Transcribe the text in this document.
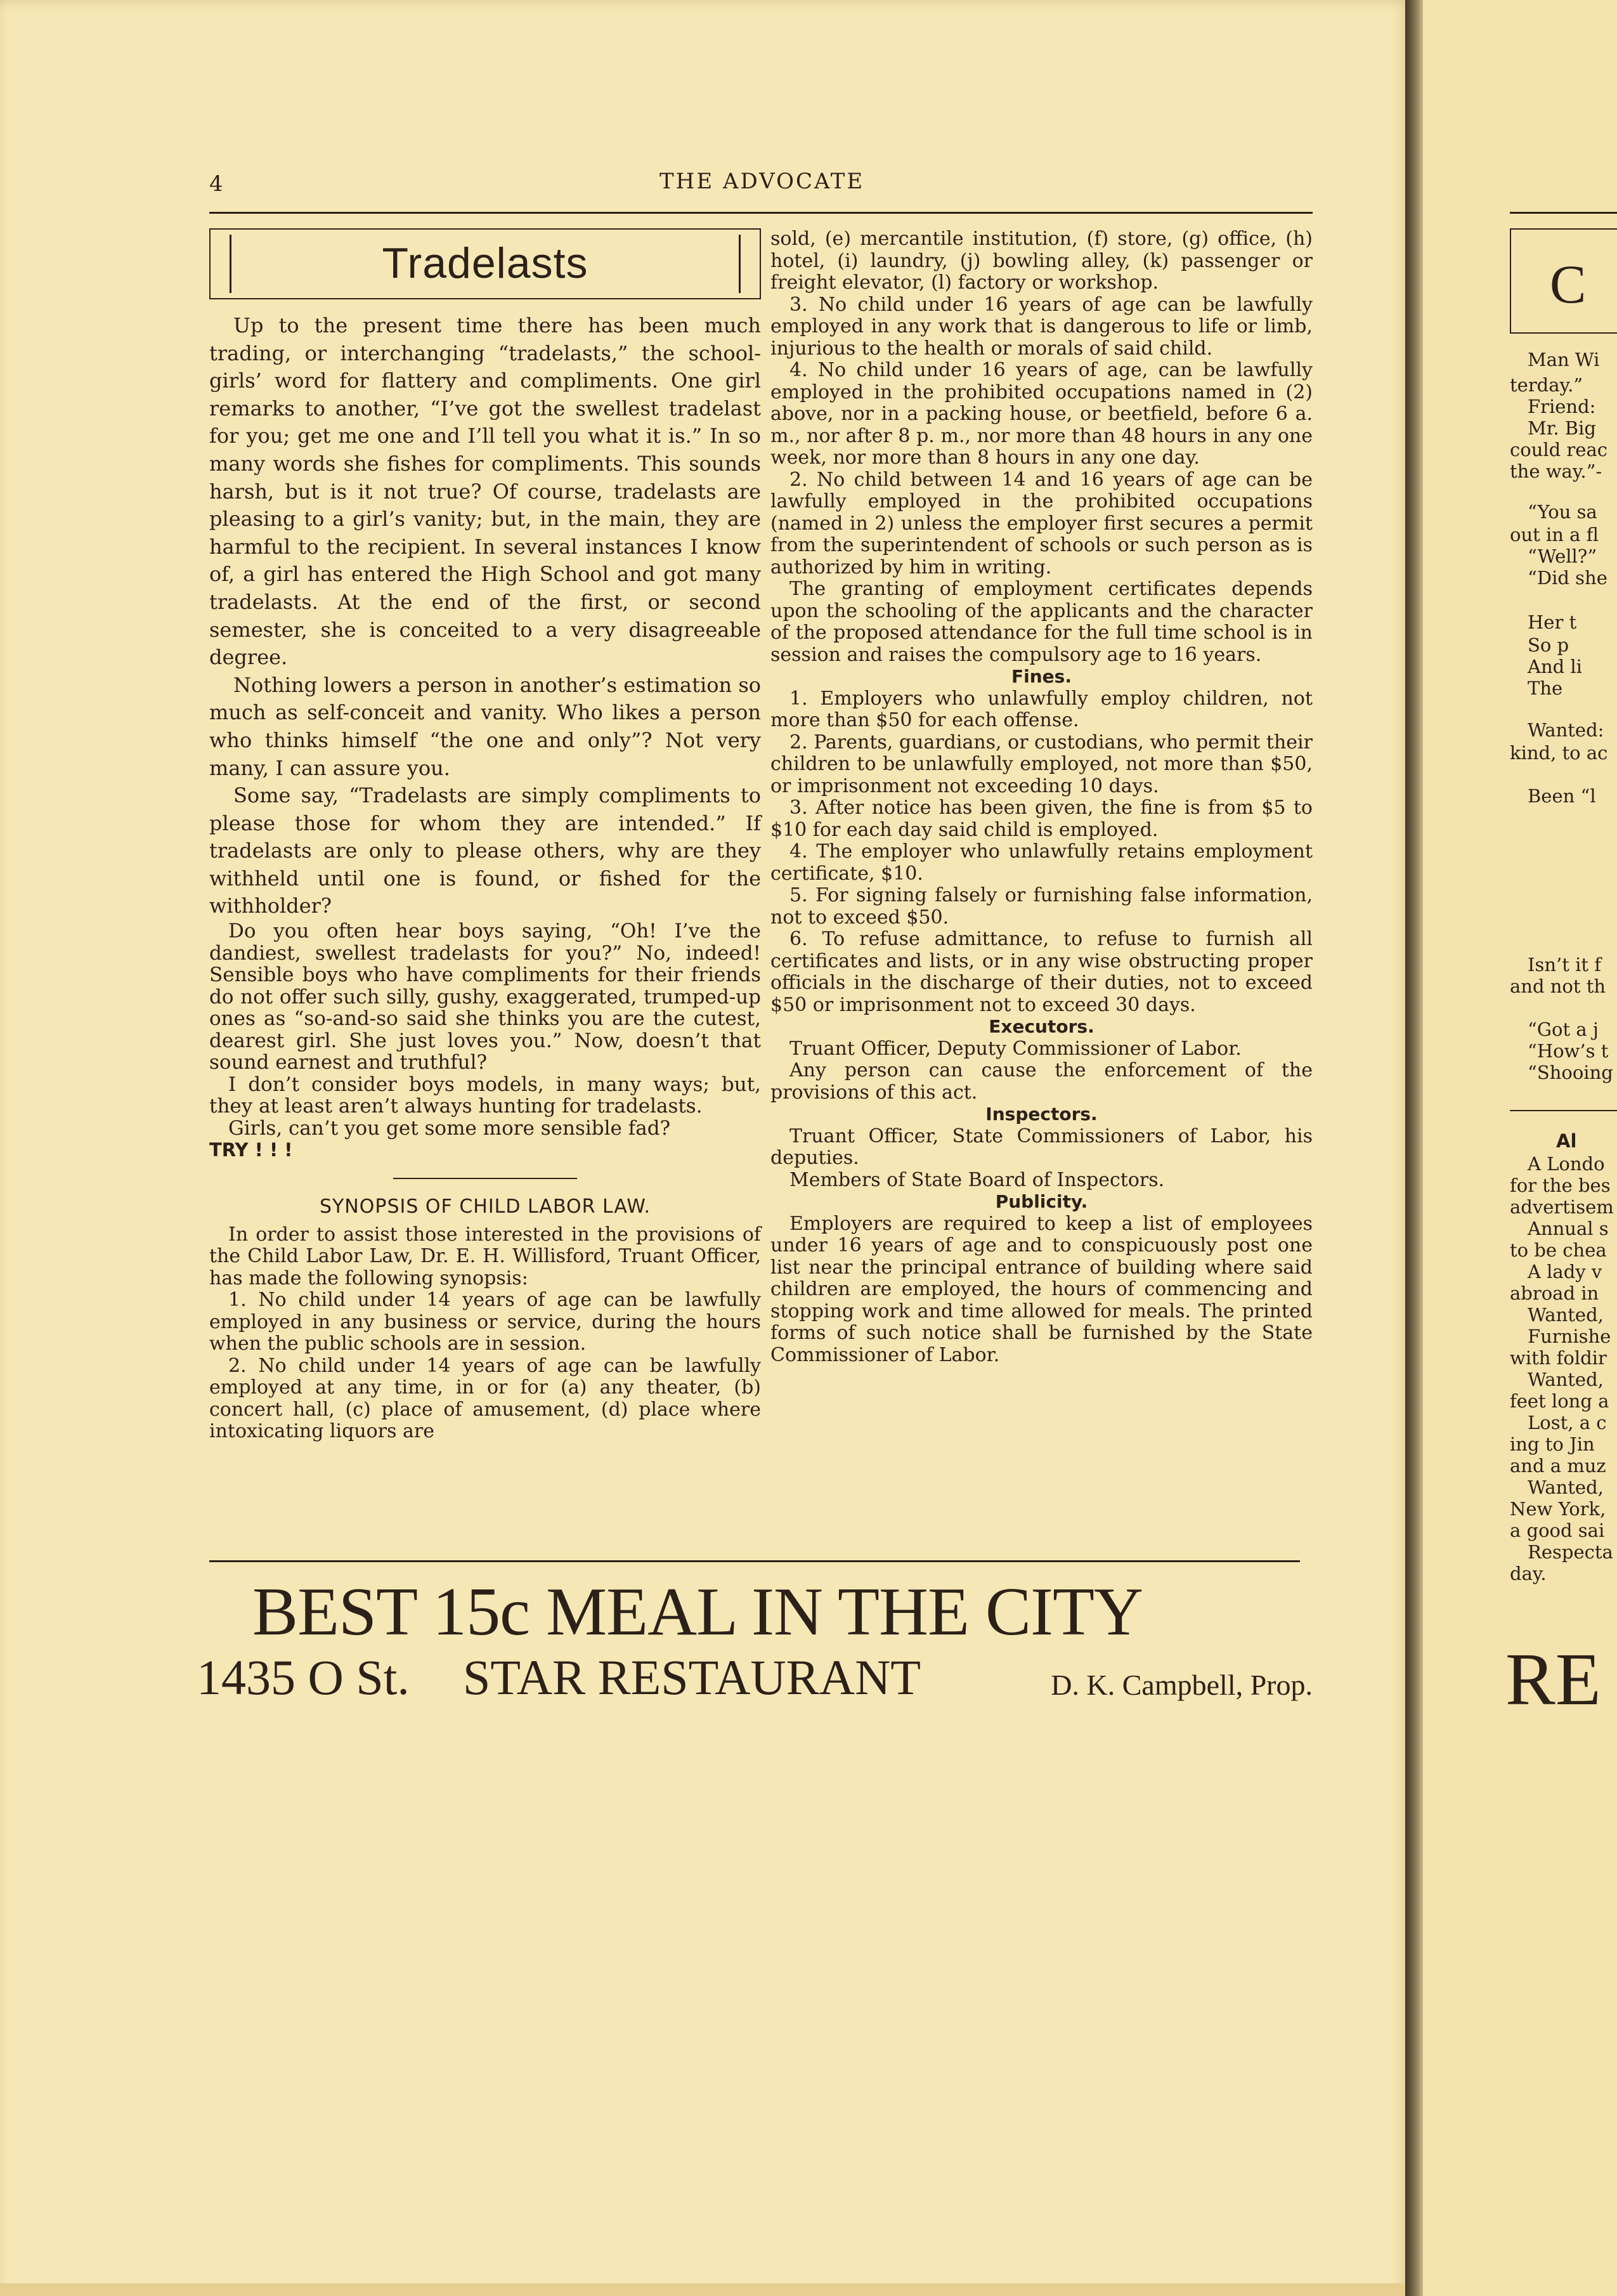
4	THE ADVOCATE
Tradelasts

Up to the present time there has been much trading, or interchanging “tradelasts,” the school-girls’ word for flattery and compliments. One girl remarks to another, “I’ve got the swellest tradelast for you; get me one and I’ll tell you what it is.” In so many words she fishes for compliments. This sounds harsh, but is it not true? Of course, tradelasts are pleasing to a girl’s vanity; but, in the main, they are harmful to the recipient. In several instances I know of, a girl has entered the High School and got many tradelasts. At the end of the first, or second semester, she is conceited to a very disagreeable degree.

Nothing lowers a person in another’s estimation so much as self-conceit and vanity. Who likes a person who thinks himself “the one and only”? Not very many, I can assure you.

Some say, “Tradelasts are simply compliments to please those for whom they are intended.” If tradelasts are only to please others, why are they withheld until one is found, or fished for the withholder?

Do you often hear boys saying, “Oh! I’ve the dandiest, swellest tradelasts for you?” No, indeed! Sensible boys who have compliments for their friends do not offer such silly, gushy, exaggerated, trumped-up ones as “so-and-so said she thinks you are the cutest, dearest girl. She just loves you.” Now, doesn’t that sound earnest and truthful?

I don’t consider boys models, in many ways; but, they at least aren’t always hunting for tradelasts.

Girls, can’t you get some more sensible fad?

TRY ! ! !

SYNOPSIS OF CHILD LABOR LAW.

In order to assist those interested in the provisions of the Child Labor Law, Dr. E. H. Willisford, Truant Officer, has made the following synopsis:

1. No child under 14 years of age can be lawfully employed in any business or service, during the hours when the public schools are in session.

2. No child under 14 years of age can be lawfully employed at any time, in or for (a) any theater, (b) concert hall, (c) place of amusement, (d) place where intoxicating liquors are

sold, (e) mercantile institution, (f) store, (g) office, (h) hotel, (i) laundry, (j) bowling alley, (k) passenger or freight elevator, (l) factory or workshop.

3. No child under 16 years of age can be lawfully employed in any work that is dangerous to life or limb, injurious to the health or morals of said child.

4. No child under 16 years of age, can be lawfully employed in the prohibited occupations named in (2) above, nor in a packing house, or beetfield, before 6 a. m., nor after 8 p. m., nor more than 48 hours in any one week, nor more than 8 hours in any one day.

2. No child between 14 and 16 years of age can be lawfully employed in the prohibited occupations (named in 2) unless the employer first secures a permit from the superintendent of schools or such person as is authorized by him in writing.

The granting of employment certificates depends upon the schooling of the applicants and the character of the proposed attendance for the full time school is in session and raises the compulsory age to 16 years.

Fines.

1. Employers who unlawfully employ children, not more than $50 for each offense.

2. Parents, guardians, or custodians, who permit their children to be unlawfully employed, not more than $50, or imprisonment not exceeding 10 days.

3. After notice has been given, the fine is from $5 to $10 for each day said child is employed.

4. The employer who unlawfully retains employment certificate, $10.

5. For signing falsely or furnishing false information, not to exceed $50.

6. To refuse admittance, to refuse to furnish all certificates and lists, or in any wise obstructing proper officials in the discharge of their duties, not to exceed $50 or imprisonment not to exceed 30 days.

Executors.

Truant Officer, Deputy Commissioner of Labor.

Any person can cause the enforcement of the provisions of this act.

Inspectors.

Truant Officer, State Commissioners of Labor, his deputies.

Members of State Board of Inspectors.

Publicity.

Employers are required to keep a list of employees under 16 years of age and to conspicuously post one list near the principal entrance of building where said children are employed, the hours of commencing and stopping work and time allowed for meals. The printed forms of such notice shall be furnished by the State Commissioner of Labor.

BEST 15c MEAL IN THE CITY
1435 O St. STAR RESTAURANT	D. K. Campbell, Prop.
C
Man Wi
terday.”
Friend:
Mr. Big
could reac
the way.”-
“You sa
out in a fl
“Well?”
“Did she
Her t
So p
And li
The
Wanted:
kind, to ac
Been “l
Isn’t it f
and not th
“Got a j
“How’s t
“Shooing
Al
A Londo
for the bes
advertisem
Annual s
to be chea
A lady v
abroad in
Wanted,
Furnishe
with foldir
Wanted,
feet long a
Lost, a c
ing to Jin
and a muz
Wanted,
New York,
a good sai
Respecta
day.
RE
